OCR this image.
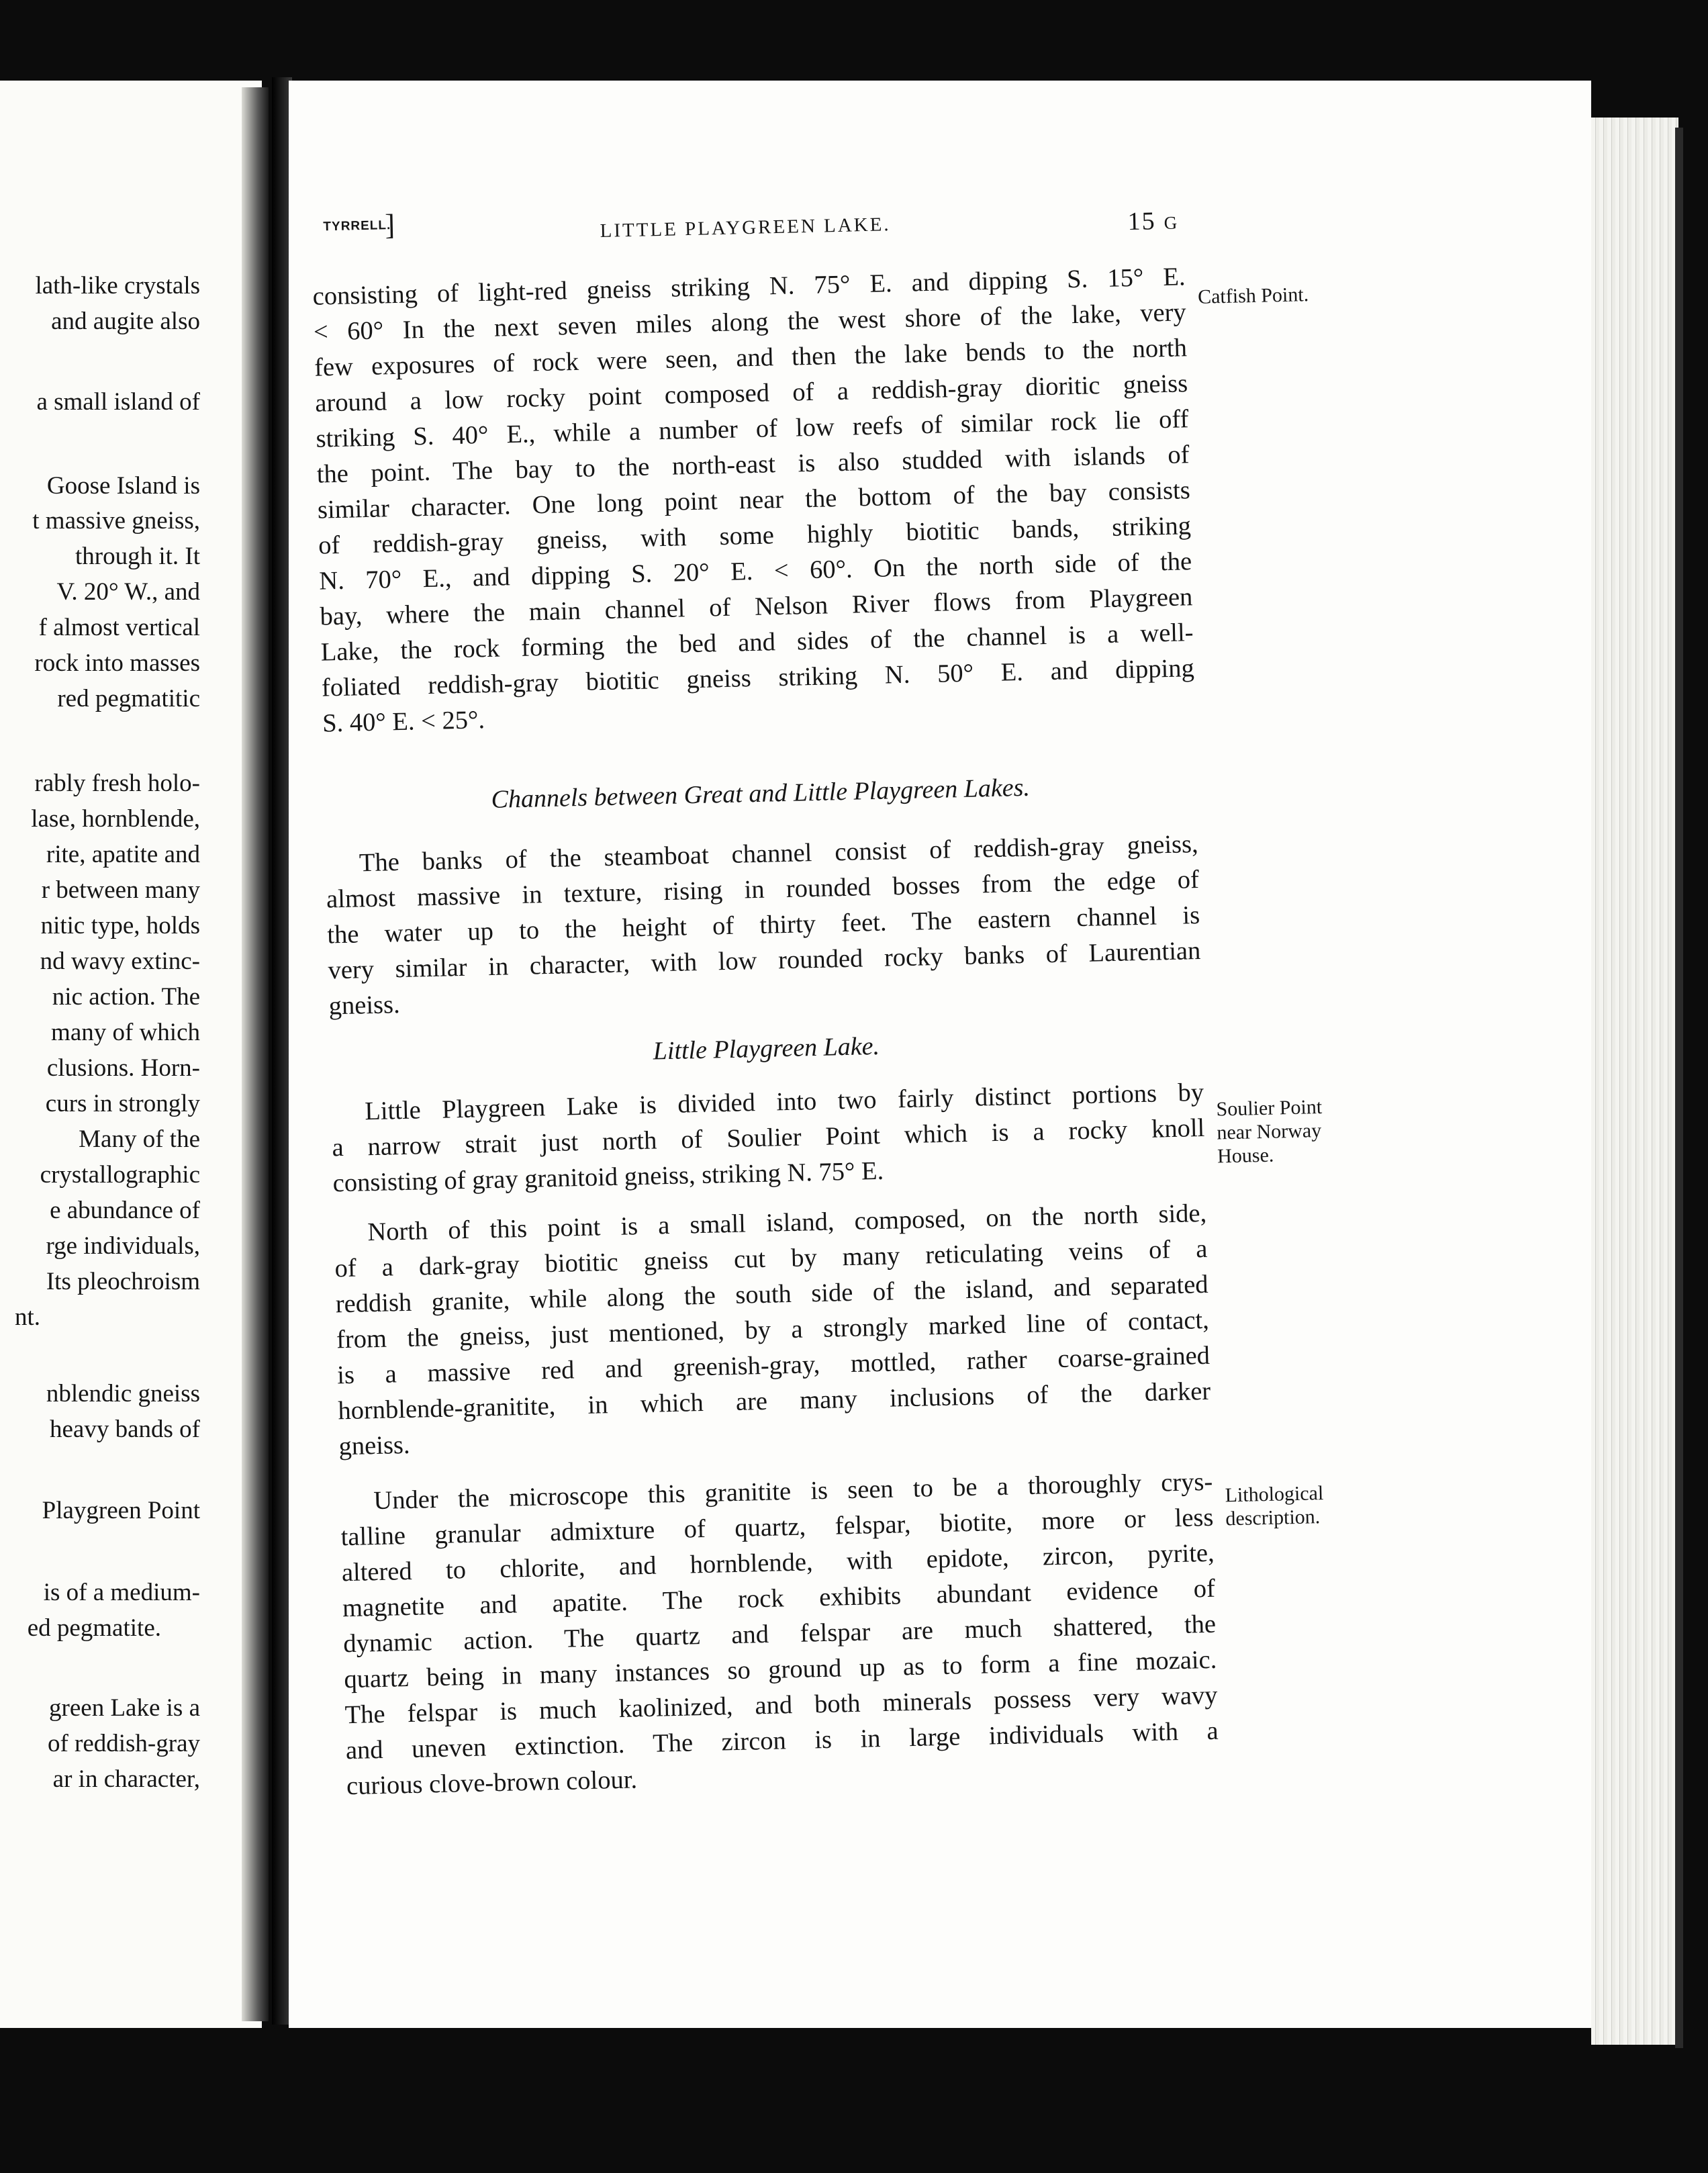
lath-like crystals
and augite also
a small island of
Goose Island is
t massive gneiss,
through it. It
V. 20° W., and
f almost vertical
rock into masses
red pegmatitic
rably fresh holo-
lase, hornblende,
rite, apatite and
r between many
nitic type, holds
nd wavy extinc-
nic action. The
many of which
clusions. Horn-
curs in strongly
Many of the
crystallographic
e abundance of
rge individuals,
Its pleochroism
nt.
nblendic gneiss
heavy bands of
Playgreen Point
is of a medium-
ed pegmatite.
green Lake is a
of reddish-gray
ar in character,
TYRRELL.
]	LITTLE PLAYGREEN LAKE.	15 G
consisting of light-red gneiss striking N. 75° E. and dipping S. 15° E.
< 60° In the next seven miles along the west shore of the lake, very
few exposures of rock were seen, and then the lake bends to the north
around a low rocky point composed of a reddish-gray dioritic gneiss
striking S. 40° E., while a number of low reefs of similar rock lie off
the point. The bay to the north-east is also studded with islands of
similar character. One long point near the bottom of the bay consists
of reddish-gray gneiss, with some highly biotitic bands, striking
N. 70° E., and dipping S. 20° E. < 60°. On the north side of the
bay, where the main channel of Nelson River flows from Playgreen
Lake, the rock forming the bed and sides of the channel is a well-
foliated reddish-gray biotitic gneiss striking N. 50° E. and dipping
S. 40° E. < 25°.
Catfish Point.
Channels between Great and Little Playgreen Lakes.
The banks of the steamboat channel consist of reddish-gray gneiss,
almost massive in texture, rising in rounded bosses from the edge of
the water up to the height of thirty feet. The eastern channel is
very similar in character, with low rounded rocky banks of Laurentian
gneiss.
Little Playgreen Lake.
Little Playgreen Lake is divided into two fairly distinct portions by
a narrow strait just north of Soulier Point which is a rocky knoll
consisting of gray granitoid gneiss, striking N. 75° E.
Soulier Point
near Norway
House.
North of this point is a small island, composed, on the north side,
of a dark-gray biotitic gneiss cut by many reticulating veins of a
reddish granite, while along the south side of the island, and separated
from the gneiss, just mentioned, by a strongly marked line of contact,
is a massive red and greenish-gray, mottled, rather coarse-grained
hornblende-granitite, in which are many inclusions of the darker
gneiss.
Under the microscope this granitite is seen to be a thoroughly crys-
talline granular admixture of quartz, felspar, biotite, more or less
altered to chlorite, and hornblende, with epidote, zircon, pyrite,
magnetite and apatite. The rock exhibits abundant evidence of
dynamic action. The quartz and felspar are much shattered, the
quartz being in many instances so ground up as to form a fine mozaic.
The felspar is much kaolinized, and both minerals possess very wavy
and uneven extinction. The zircon is in large individuals with a
curious clove-brown colour.
Lithological
description.
